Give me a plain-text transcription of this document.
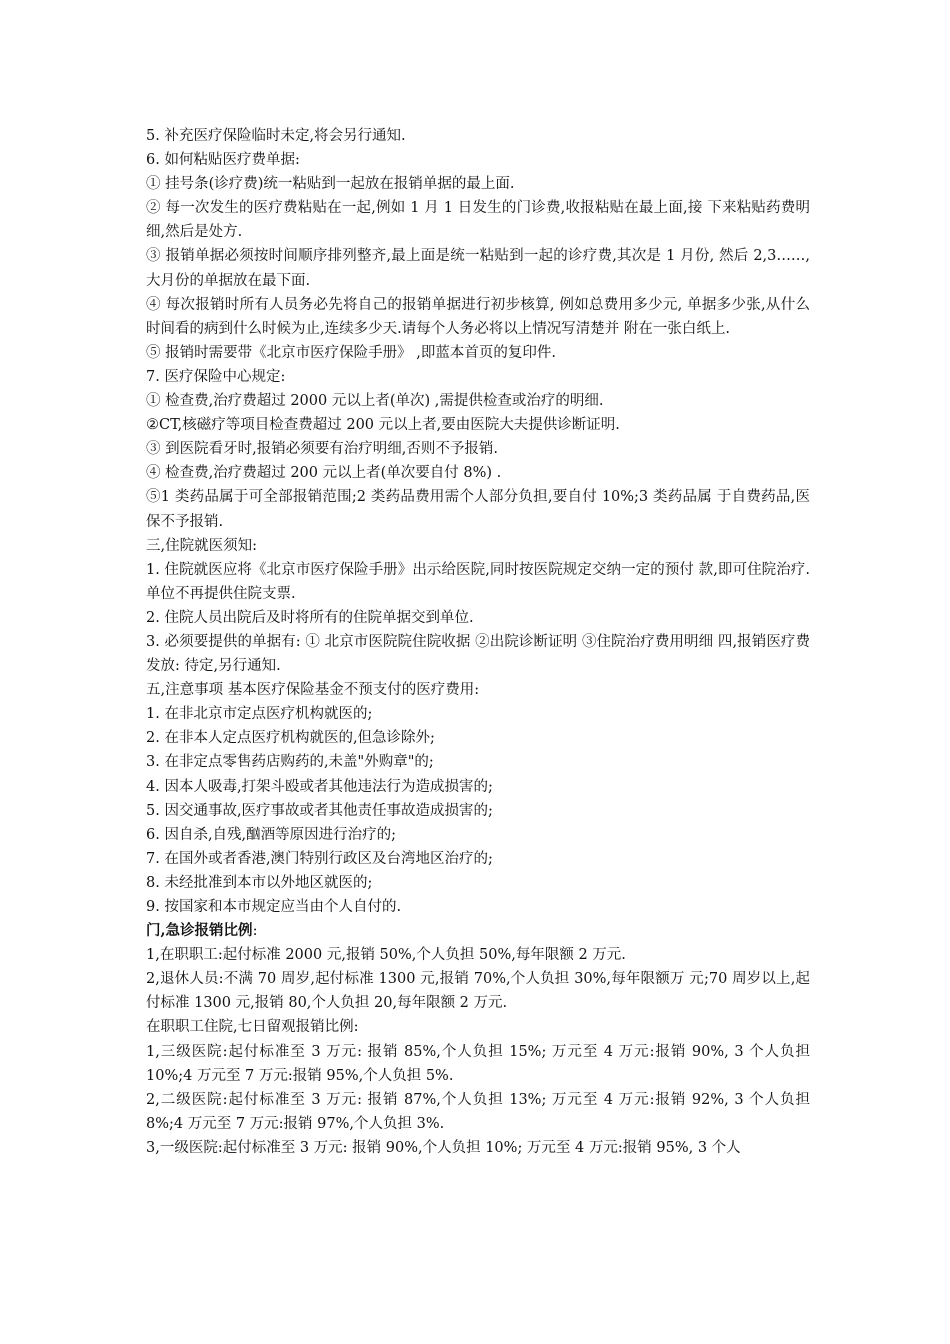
5. 补充医疗保险临时未定,将会另行通知.

6. 如何粘贴医疗费单据:

① 挂号条(诊疗费)统一粘贴到一起放在报销单据的最上面.

② 每一次发生的医疗费粘贴在一起,例如 1 月 1 日发生的门诊费,收报粘贴在最上面,接 下来粘贴药费明细,然后是处方.

③ 报销单据必须按时间顺序排列整齐,最上面是统一粘贴到一起的诊疗费,其次是 1 月份, 然后 2,3……,大月份的单据放在最下面.

④ 每次报销时所有人员务必先将自己的报销单据进行初步核算, 例如总费用多少元, 单据多少张,从什么时间看的病到什么时候为止,连续多少天.请每个人务必将以上情况写清楚并 附在一张白纸上.

⑤ 报销时需要带《北京市医疗保险手册》 ,即蓝本首页的复印件.

7. 医疗保险中心规定:

① 检查费,治疗费超过 2000 元以上者(单次) ,需提供检查或治疗的明细.

②CT,核磁疗等项目检查费超过 200 元以上者,要由医院大夫提供诊断证明.

③ 到医院看牙时,报销必须要有治疗明细,否则不予报销.

④ 检查费,治疗费超过 200 元以上者(单次要自付 8%) .

⑤1 类药品属于可全部报销范围;2 类药品费用需个人部分负担,要自付 10%;3 类药品属 于自费药品,医保不予报销.

三,住院就医须知:

1. 住院就医应将《北京市医疗保险手册》出示给医院,同时按医院规定交纳一定的预付 款,即可住院治疗.单位不再提供住院支票.

2. 住院人员出院后及时将所有的住院单据交到单位.

3. 必须要提供的单据有: ① 北京市医院院住院收据 ②出院诊断证明 ③住院治疗费用明细 四,报销医疗费发放: 待定,另行通知.

五,注意事项 基本医疗保险基金不预支付的医疗费用:

1. 在非北京市定点医疗机构就医的;

2. 在非本人定点医疗机构就医的,但急诊除外;

3. 在非定点零售药店购药的,未盖"外购章"的;

4. 因本人吸毒,打架斗殴或者其他违法行为造成损害的;

5. 因交通事故,医疗事故或者其他责任事故造成损害的;

6. 因自杀,自残,酗酒等原因进行治疗的;

7. 在国外或者香港,澳门特别行政区及台湾地区治疗的;

8. 未经批准到本市以外地区就医的;

9. 按国家和本市规定应当由个人自付的.

门,急诊报销比例:

1,在职职工:起付标准 2000 元,报销 50%,个人负担 50%,每年限额 2 万元.

2,退休人员:不满 70 周岁,起付标准 1300 元,报销 70%,个人负担 30%,每年限额万 元;70 周岁以上,起付标准 1300 元,报销 80,个人负担 20,每年限额 2 万元.

在职职工住院,七日留观报销比例:

1,三级医院:起付标准至 3 万元: 报销 85%,个人负担 15%; 万元至 4 万元:报销 90%, 3 个人负担 10%;4 万元至 7 万元:报销 95%,个人负担 5%.

2,二级医院:起付标准至 3 万元: 报销 87%,个人负担 13%; 万元至 4 万元:报销 92%, 3 个人负担 8%;4 万元至 7 万元:报销 97%,个人负担 3%.

3,一级医院:起付标准至 3 万元: 报销 90%,个人负担 10%; 万元至 4 万元:报销 95%, 3 个人
